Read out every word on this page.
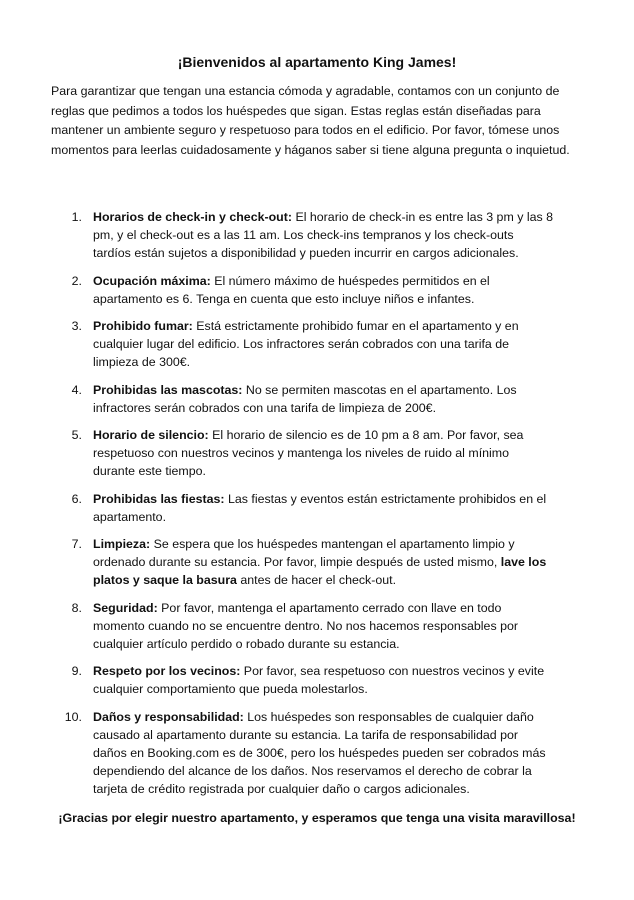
¡Bienvenidos al apartamento King James!

Para garantizar que tengan una estancia cómoda y agradable, contamos con un conjunto de reglas que pedimos a todos los huéspedes que sigan. Estas reglas están diseñadas para mantener un ambiente seguro y respetuoso para todos en el edificio. Por favor, tómese unos momentos para leerlas cuidadosamente y háganos saber si tiene alguna pregunta o inquietud.

1. Horarios de check-in y check-out: El horario de check-in es entre las 3 pm y las 8 pm, y el check-out es a las 11 am. Los check-ins tempranos y los check-outs tardíos están sujetos a disponibilidad y pueden incurrir en cargos adicionales.
2. Ocupación máxima: El número máximo de huéspedes permitidos en el apartamento es 6. Tenga en cuenta que esto incluye niños e infantes.
3. Prohibido fumar: Está estrictamente prohibido fumar en el apartamento y en cualquier lugar del edificio. Los infractores serán cobrados con una tarifa de limpieza de 300€.
4. Prohibidas las mascotas: No se permiten mascotas en el apartamento. Los infractores serán cobrados con una tarifa de limpieza de 200€.
5. Horario de silencio: El horario de silencio es de 10 pm a 8 am. Por favor, sea respetuoso con nuestros vecinos y mantenga los niveles de ruido al mínimo durante este tiempo.
6. Prohibidas las fiestas: Las fiestas y eventos están estrictamente prohibidos en el apartamento.
7. Limpieza: Se espera que los huéspedes mantengan el apartamento limpio y ordenado durante su estancia. Por favor, limpie después de usted mismo, lave los platos y saque la basura antes de hacer el check-out.
8. Seguridad: Por favor, mantenga el apartamento cerrado con llave en todo momento cuando no se encuentre dentro. No nos hacemos responsables por cualquier artículo perdido o robado durante su estancia.
9. Respeto por los vecinos: Por favor, sea respetuoso con nuestros vecinos y evite cualquier comportamiento que pueda molestarlos.
10. Daños y responsabilidad: Los huéspedes son responsables de cualquier daño causado al apartamento durante su estancia. La tarifa de responsabilidad por daños en Booking.com es de 300€, pero los huéspedes pueden ser cobrados más dependiendo del alcance de los daños. Nos reservamos el derecho de cobrar la tarjeta de crédito registrada por cualquier daño o cargos adicionales.

¡Gracias por elegir nuestro apartamento, y esperamos que tenga una visita maravillosa!
